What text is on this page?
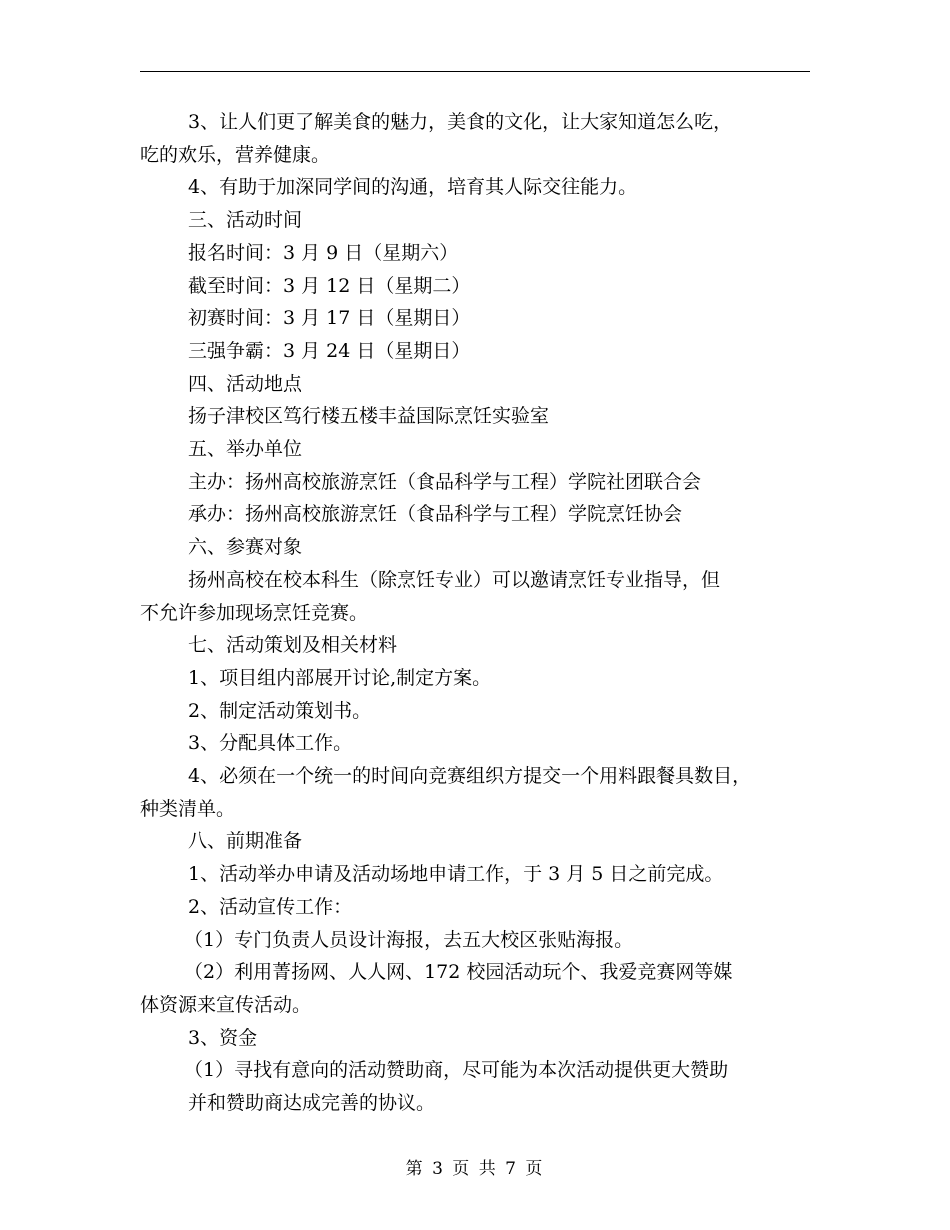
3、让人们更了解美食的魅力，美食的文化，让大家知道怎么吃，

吃的欢乐，营养健康。

4、有助于加深同学间的沟通，培育其人际交往能力。

三、活动时间

报名时间：3 月 9 日（星期六）

截至时间：3 月 12 日（星期二）

初赛时间：3 月 17 日（星期日）

三强争霸：3 月 24 日（星期日）

四、活动地点

扬子津校区笃行楼五楼丰益国际烹饪实验室

五、举办单位

主办：扬州高校旅游烹饪（食品科学与工程）学院社团联合会

承办：扬州高校旅游烹饪（食品科学与工程）学院烹饪协会

六、参赛对象

扬州高校在校本科生（除烹饪专业）可以邀请烹饪专业指导，但

不允许参加现场烹饪竞赛。

七、活动策划及相关材料

1、项目组内部展开讨论,制定方案。

2、制定活动策划书。

3、分配具体工作。

4、必须在一个统一的时间向竞赛组织方提交一个用料跟餐具数目，

种类清单。

八、前期准备

1、活动举办申请及活动场地申请工作，于 3 月 5 日之前完成。

2、活动宣传工作：

（1）专门负责人员设计海报，去五大校区张贴海报。

（2）利用菁扬网、人人网、172 校园活动玩个、我爱竞赛网等媒

体资源来宣传活动。

3、资金

（1）寻找有意向的活动赞助商，尽可能为本次活动提供更大赞助

并和赞助商达成完善的协议。

第 3 页 共 7 页
